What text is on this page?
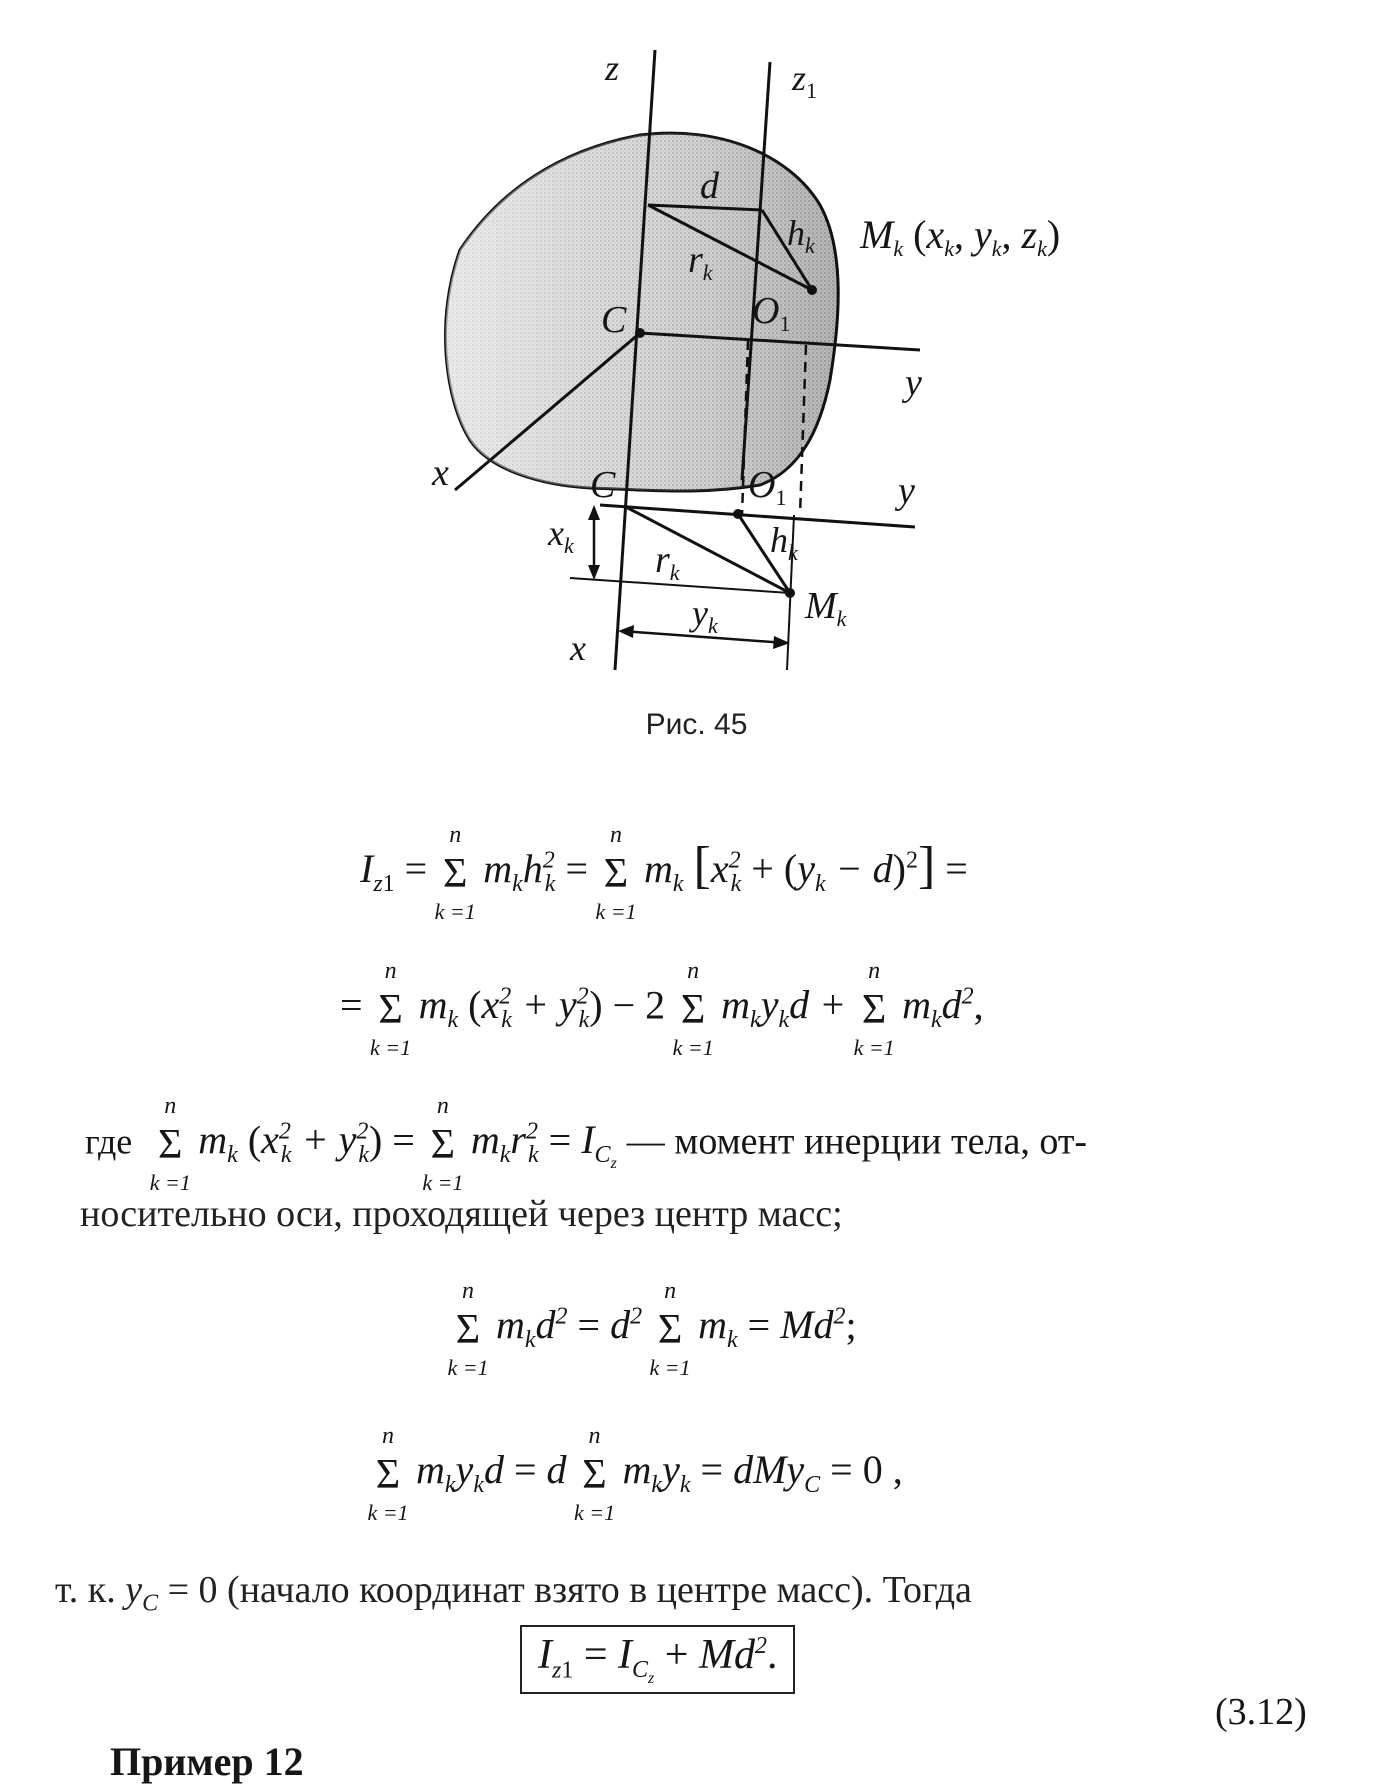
z	$z_1$
d
$h_k$ $M_k$ ($x_k$, $y_k$, $z_k$)
$r_k$
C	$O_1$
y
x	C	$O_1$	y
$x_k$ $r_k$
$h_k$
$M_k$
$y_k$
x
Рис. 45
$I_{z1}$ =
n
Σ
k =1
$m_kh^2_k$ =
n
Σ
k =1
$m_k$ $[x^2_k + (y_k - d)^2]$ =
=
n
Σ
k =1
$m_k$ $(x^2_k + y^2_k) - 2$
n
Σ
k =1
$m_ky_kd$ +
n
Σ
k =1
$m_kd^2$,
где
n
Σ
k =1
$m_k$ $(x^2_k + y^2_k)$ =
n
Σ
k =1
$m_kr^2_k = I_{C_z}$ — момент инерции тела, от-
носительно оси, проходящей через центр масс;
n
Σ
k =1
$m_kd^2 = d^2$
n
Σ
k =1
$m_k = Md^2$;
n
Σ
k =1
$m_ky_kd = d$
n
Σ
k =1
$m_ky_k = dMy_C = 0$ ,
т. к. $y_C = 0$ (начало координат взято в центре масс). Тогда
$I_{z1} = I_{C_z} + Md^2$.
(3.12)
Пример 12
